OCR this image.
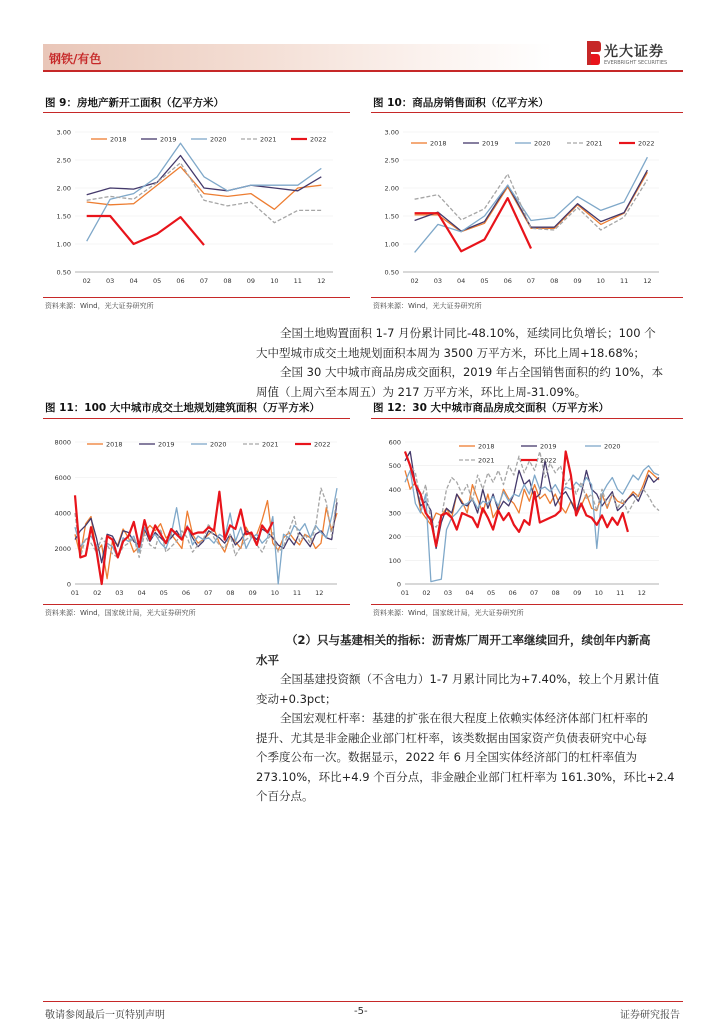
钢铁/有色	光大证券
EVERBRIGHT SECURITIES
图 9：房地产新开工面积（亿平方米）
0.50
1.00
1.50
2.00
2.50
3.00
02 03 04 05 06 07 08 09 10 11 12
2018	2019	2020	2021	2022
资料来源：Wind，光大证券研究所
图 10：商品房销售面积（亿平方米）
0.50
1.00
1.50
2.00
2.50
3.00
02 03 04 05 06 07 08 09 10 11 12
2018	2019	2020	2021	2022
资料来源：Wind，光大证券研究所
全国土地购置面积 1-7 月份累计同比-48.10%，延续同比负增长；100 个
大中型城市成交土地规划面积本周为 3500 万平方米，环比上周+18.68%；
全国 30 大中城市商品房成交面积，2019 年占全国销售面积的约 10%，本
周值（上周六至本周五）为 217 万平方米，环比上周-31.09%。
图 11：100 大中城市成交土地规划建筑面积（万平方米）
0
2000
4000
6000
8000
01 02 03 04 05 06 07 08 09 10 11 12
2018	2019	2020	2021	2022
资料来源：Wind，国家统计局，光大证券研究所
图 12：30 大中城市商品房成交面积（万平方米）
0
100
200
300
400
500
600
01 02 03 04 05 06 07 08 09 10 11 12
2018	2019	2020
2021	2022
资料来源：Wind，国家统计局，光大证券研究所
（2）只与基建相关的指标：沥青炼厂周开工率继续回升，续创年内新高
水平
全国基建投资额（不含电力）1-7 月累计同比为+7.40%，较上个月累计值
变动+0.3pct；
全国宏观杠杆率：基建的扩张在很大程度上依赖实体经济体部门杠杆率的
提升、尤其是非金融企业部门杠杆率，该类数据由国家资产负债表研究中心每
个季度公布一次。数据显示，2022 年 6 月全国实体经济部门的杠杆率值为
273.10%，环比+4.9 个百分点，非金融企业部门杠杆率为 161.30%，环比+2.4
个百分点。
敬请参阅最后一页特别声明	-5-	证券研究报告
